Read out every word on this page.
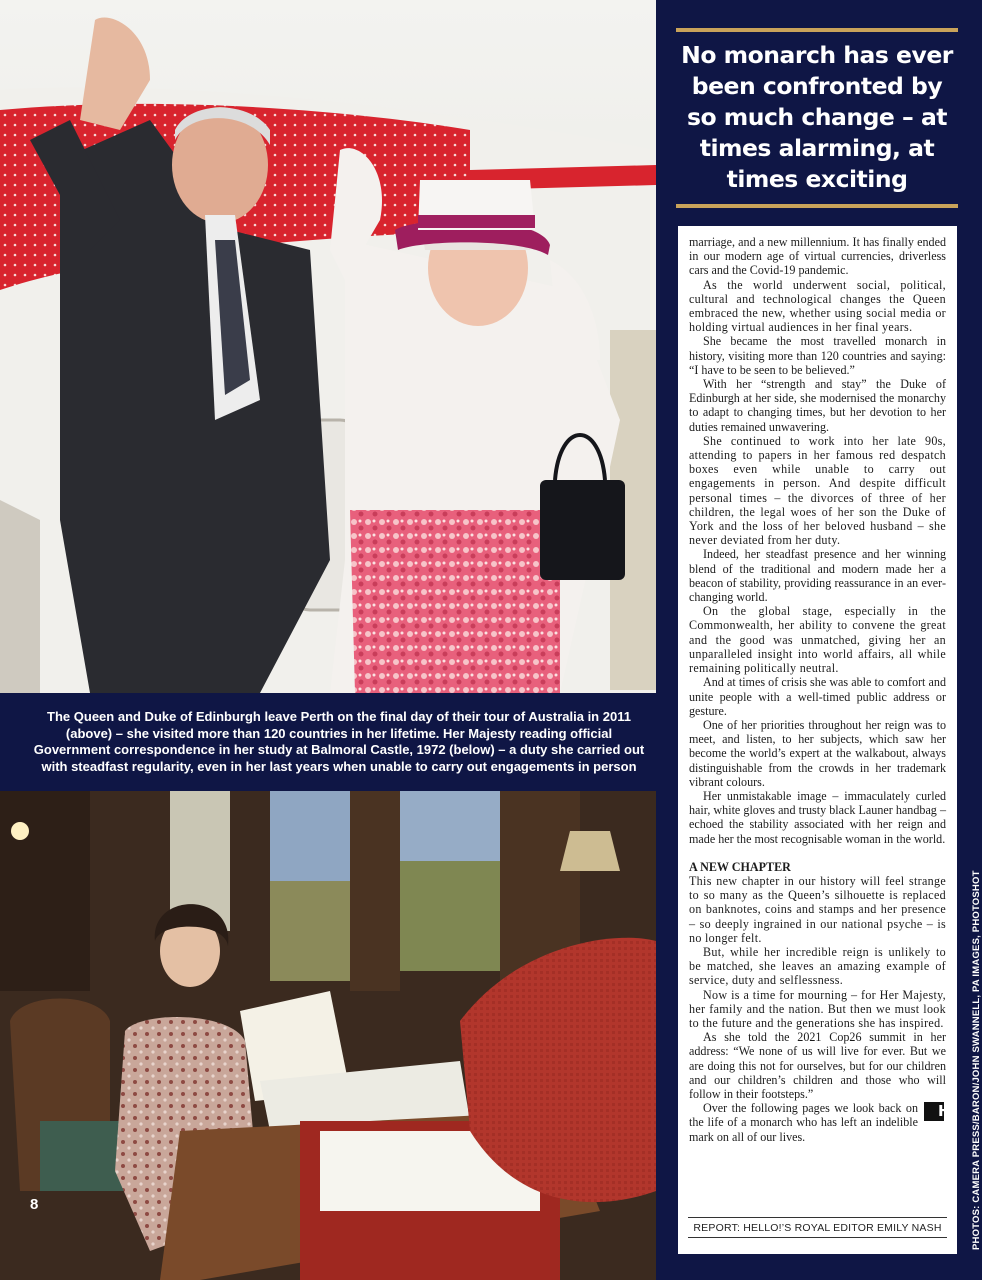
The Queen and Duke of Edinburgh leave Perth on the final day of their tour of Australia in 2011 (above) – she visited more than 120 countries in her lifetime. Her Majesty reading official Government correspondence in her study at Balmoral Castle, 1972 (below) – a duty she carried out with steadfast regularity, even in her last years when unable to carry out engagements in person
No monarch has ever been confronted by so much change – at times alarming, at times exciting

marriage, and a new millennium. It has finally ended in our modern age of virtual currencies, driverless cars and the Covid-19 pandemic.

As the world underwent social, political, cultural and technological changes the Queen embraced the new, whether using social media or holding virtual audiences in her final years.

She became the most travelled monarch in history, visiting more than 120 countries and saying: “I have to be seen to be believed.”

With her “strength and stay” the Duke of Edinburgh at her side, she modernised the monarchy to adapt to changing times, but her devotion to her duties remained unwavering.

She continued to work into her late 90s, attending to papers in her famous red despatch boxes even while unable to carry out engagements in person. And despite difficult personal times – the divorces of three of her children, the legal woes of her son the Duke of York and the loss of her beloved husband – she never deviated from her duty.

Indeed, her steadfast presence and her winning blend of the traditional and modern made her a beacon of stability, providing reassurance in an ever-changing world.

On the global stage, especially in the Commonwealth, her ability to convene the great and the good was unmatched, giving her an unparalleled insight into world affairs, all while remaining politically neutral.

And at times of crisis she was able to comfort and unite people with a well-timed public address or gesture.

One of her priorities throughout her reign was to meet, and listen, to her subjects, which saw her become the world’s expert at the walkabout, always distinguishable from the crowds in her trademark vibrant colours.

Her unmistakable image – immaculately curled hair, white gloves and trusty black Launer handbag – echoed the stability associated with her reign and made her the most recognisable woman in the world.

A NEW CHAPTER

This new chapter in our history will feel strange to so many as the Queen’s silhouette is replaced on banknotes, coins and stamps and her presence – so deeply ingrained in our national psyche – is no longer felt.

But, while her incredible reign is unlikely to be matched, she leaves an amazing example of service, duty and selflessness.

Now is a time for mourning – for Her Majesty, her family and the nation. But then we must look to the future and the generations she has inspired.

As she told the 2021 Cop26 summit in her address: “We none of us will live for ever. But we are doing this not for ourselves, but for our children and our children’s children and those who will follow in their footsteps.”

H
Over the following pages we look back on the life of a monarch who has left an indelible mark on all of our lives.

REPORT: HELLO!’S ROYAL EDITOR EMILY NASH	PHOTOS: CAMERA PRESS/BARON/JOHN SWANNELL, PA IMAGES, PHOTOSHOT
8
